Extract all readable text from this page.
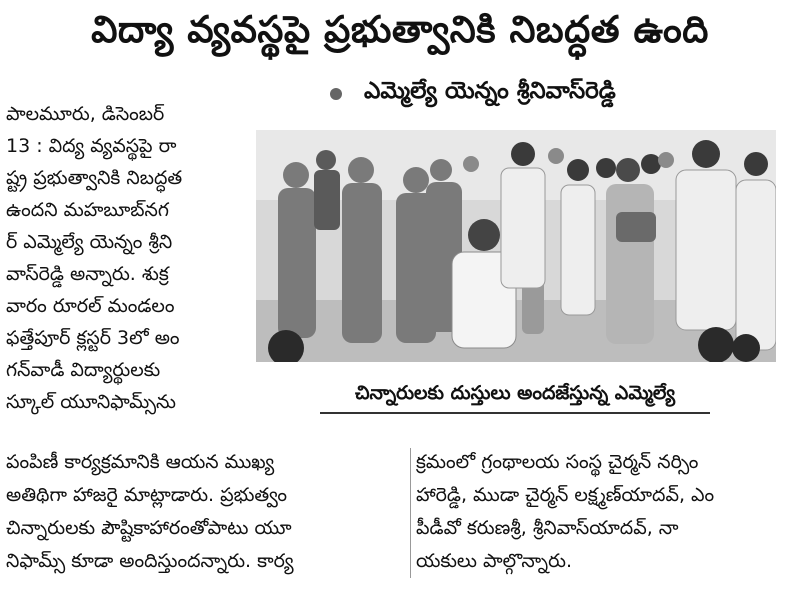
విద్యా వ్యవస్థపై ప్రభుత్వానికి నిబద్ధత ఉంది
ఎమ్మెల్యే యెన్నం శ్రీనివాస్‌రెడ్డి
పాలమూరు, డిసెంబర్
13 : విద్య వ్యవస్థపై రా
ష్ట్ర ప్రభుత్వానికి నిబద్ధత
ఉందని మహబూబ్‌నగ
ర్ ఎమ్మెల్యే యెన్నం శ్రీని
వాస్‌రెడ్డి అన్నారు. శుక్ర
వారం రూరల్ మండలం
ఫత్తేపూర్ క్లస్టర్ 3లో అం
గన్‌వాడీ విద్యార్థులకు
స్కూల్ యూనిఫామ్స్‌ను	చిన్నారులకు దుస్తులు అందజేస్తున్న ఎమ్మెల్యే
పంపిణీ కార్యక్రమానికి ఆయన ముఖ్య
అతిథిగా హాజరై మాట్లాడారు. ప్రభుత్వం
చిన్నారులకు పౌష్టికాహారంతోపాటు యూ
నిఫామ్స్ కూడా అందిస్తుందన్నారు. కార్య
క్రమంలో గ్రంథాలయ సంస్థ చైర్మన్ నర్సిం
హారెడ్డి, ముడా చైర్మన్ లక్ష్మణ్‌యాదవ్, ఎం
పీడీవో కరుణశ్రీ, శ్రీనివాస్‌యాదవ్, నా
యకులు పాల్గొన్నారు.
